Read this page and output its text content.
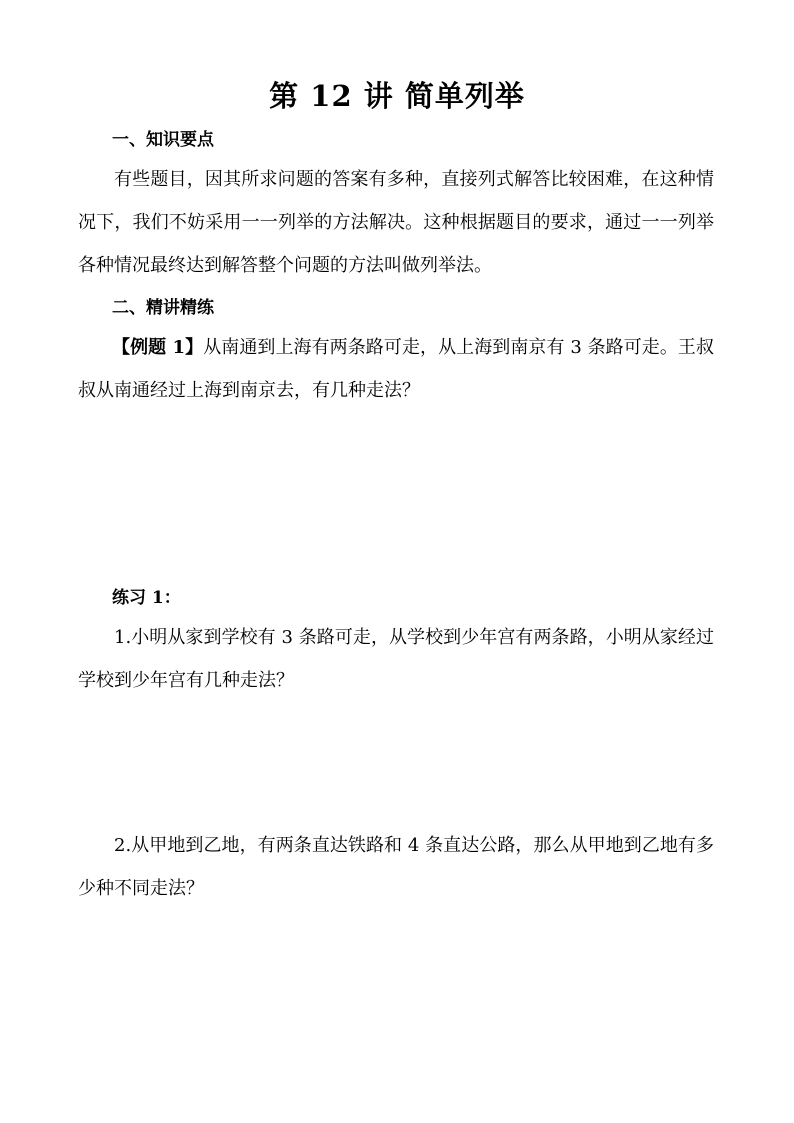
第 12 讲 简单列举
一、知识要点

有些题目，因其所求问题的答案有多种，直接列式解答比较困难，在这种情况下，我们不妨采用一一列举的方法解决。这种根据题目的要求，通过一一列举各种情况最终达到解答整个问题的方法叫做列举法。

二、精讲精练

【例题 1】从南通到上海有两条路可走，从上海到南京有 3 条路可走。王叔叔从南通经过上海到南京去，有几种走法？

练习 1：

1.小明从家到学校有 3 条路可走，从学校到少年宫有两条路，小明从家经过学校到少年宫有几种走法？

2.从甲地到乙地，有两条直达铁路和 4 条直达公路，那么从甲地到乙地有多少种不同走法？
